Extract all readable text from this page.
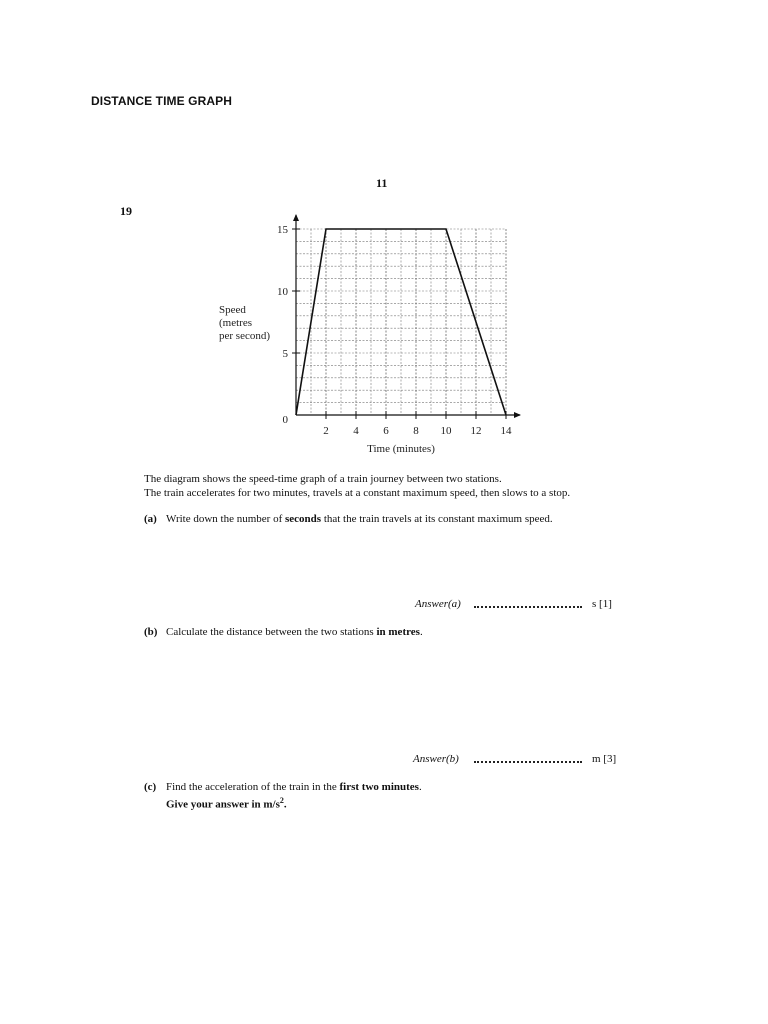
DISTANCE TIME GRAPH
11
19
2 4 6 8 10 12 14
5
10
15
0
Speed
(metres
per second)
Time (minutes)
The diagram shows the speed-time graph of a train journey between two stations.
The train accelerates for two minutes, travels at a constant maximum speed, then slows to a stop.
(a) Write down the number of seconds that the train travels at its constant maximum speed.
Answer(a)	s [1]
(b) Calculate the distance between the two stations in metres.
Answer(b)	m [3]
(c) Find the acceleration of the train in the first two minutes.
Give your answer in $m/s^2$.
